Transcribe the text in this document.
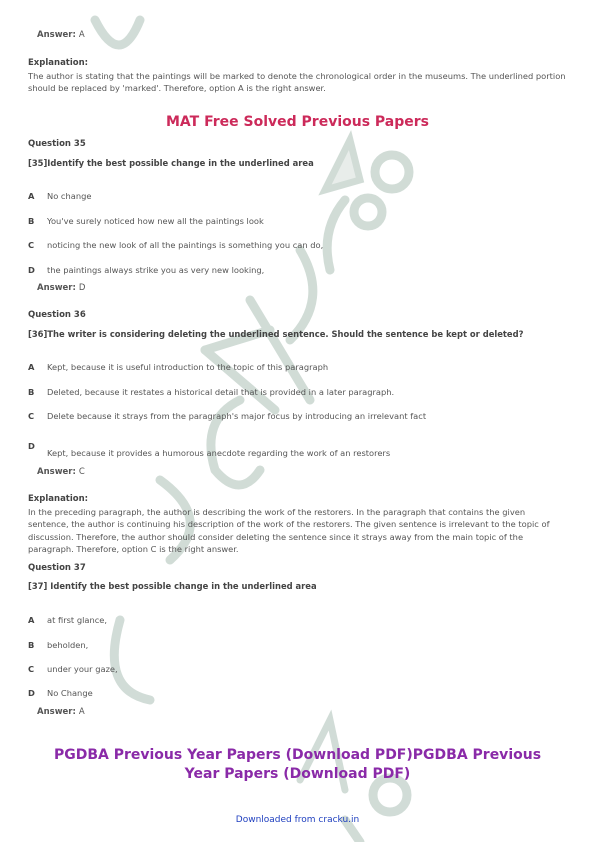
Answer: A
Explanation:
The author is stating that the paintings will be marked to denote the chronological order in the museums. The underlined portion should be replaced by 'marked'. Therefore, option A is the right answer.
MAT Free Solved Previous Papers
Question 35
[35]Identify the best possible change in the underlined area
A No change
B You've surely noticed how new all the paintings look
C noticing the new look of all the paintings is something you can do,
D the paintings always strike you as very new looking,
Answer: D
Question 36
[36]The writer is considering deleting the underlined sentence. Should the sentence be kept or deleted?
A Kept, because it is useful introduction to the topic of this paragraph
B Deleted, because it restates a historical detail that is provided in a later paragraph.
C Delete because it strays from the paragraph's major focus by introducing an irrelevant fact
D
Kept, because it provides a humorous anecdote regarding the work of an restorers
Answer: C
Explanation:
In the preceding paragraph, the author is describing the work of the restorers. In the paragraph that contains the given sentence, the author is continuing his description of the work of the restorers. The given sentence is irrelevant to the topic of discussion. Therefore, the author should consider deleting the sentence since it strays away from the main topic of the paragraph. Therefore, option C is the right answer.
Question 37
[37] Identify the best possible change in the underlined area
A at first glance,
B beholden,
C under your gaze,
D No Change
Answer: A
PGDBA Previous Year Papers (Download PDF)PGDBA Previous Year Papers (Download PDF)
Downloaded from cracku.in
